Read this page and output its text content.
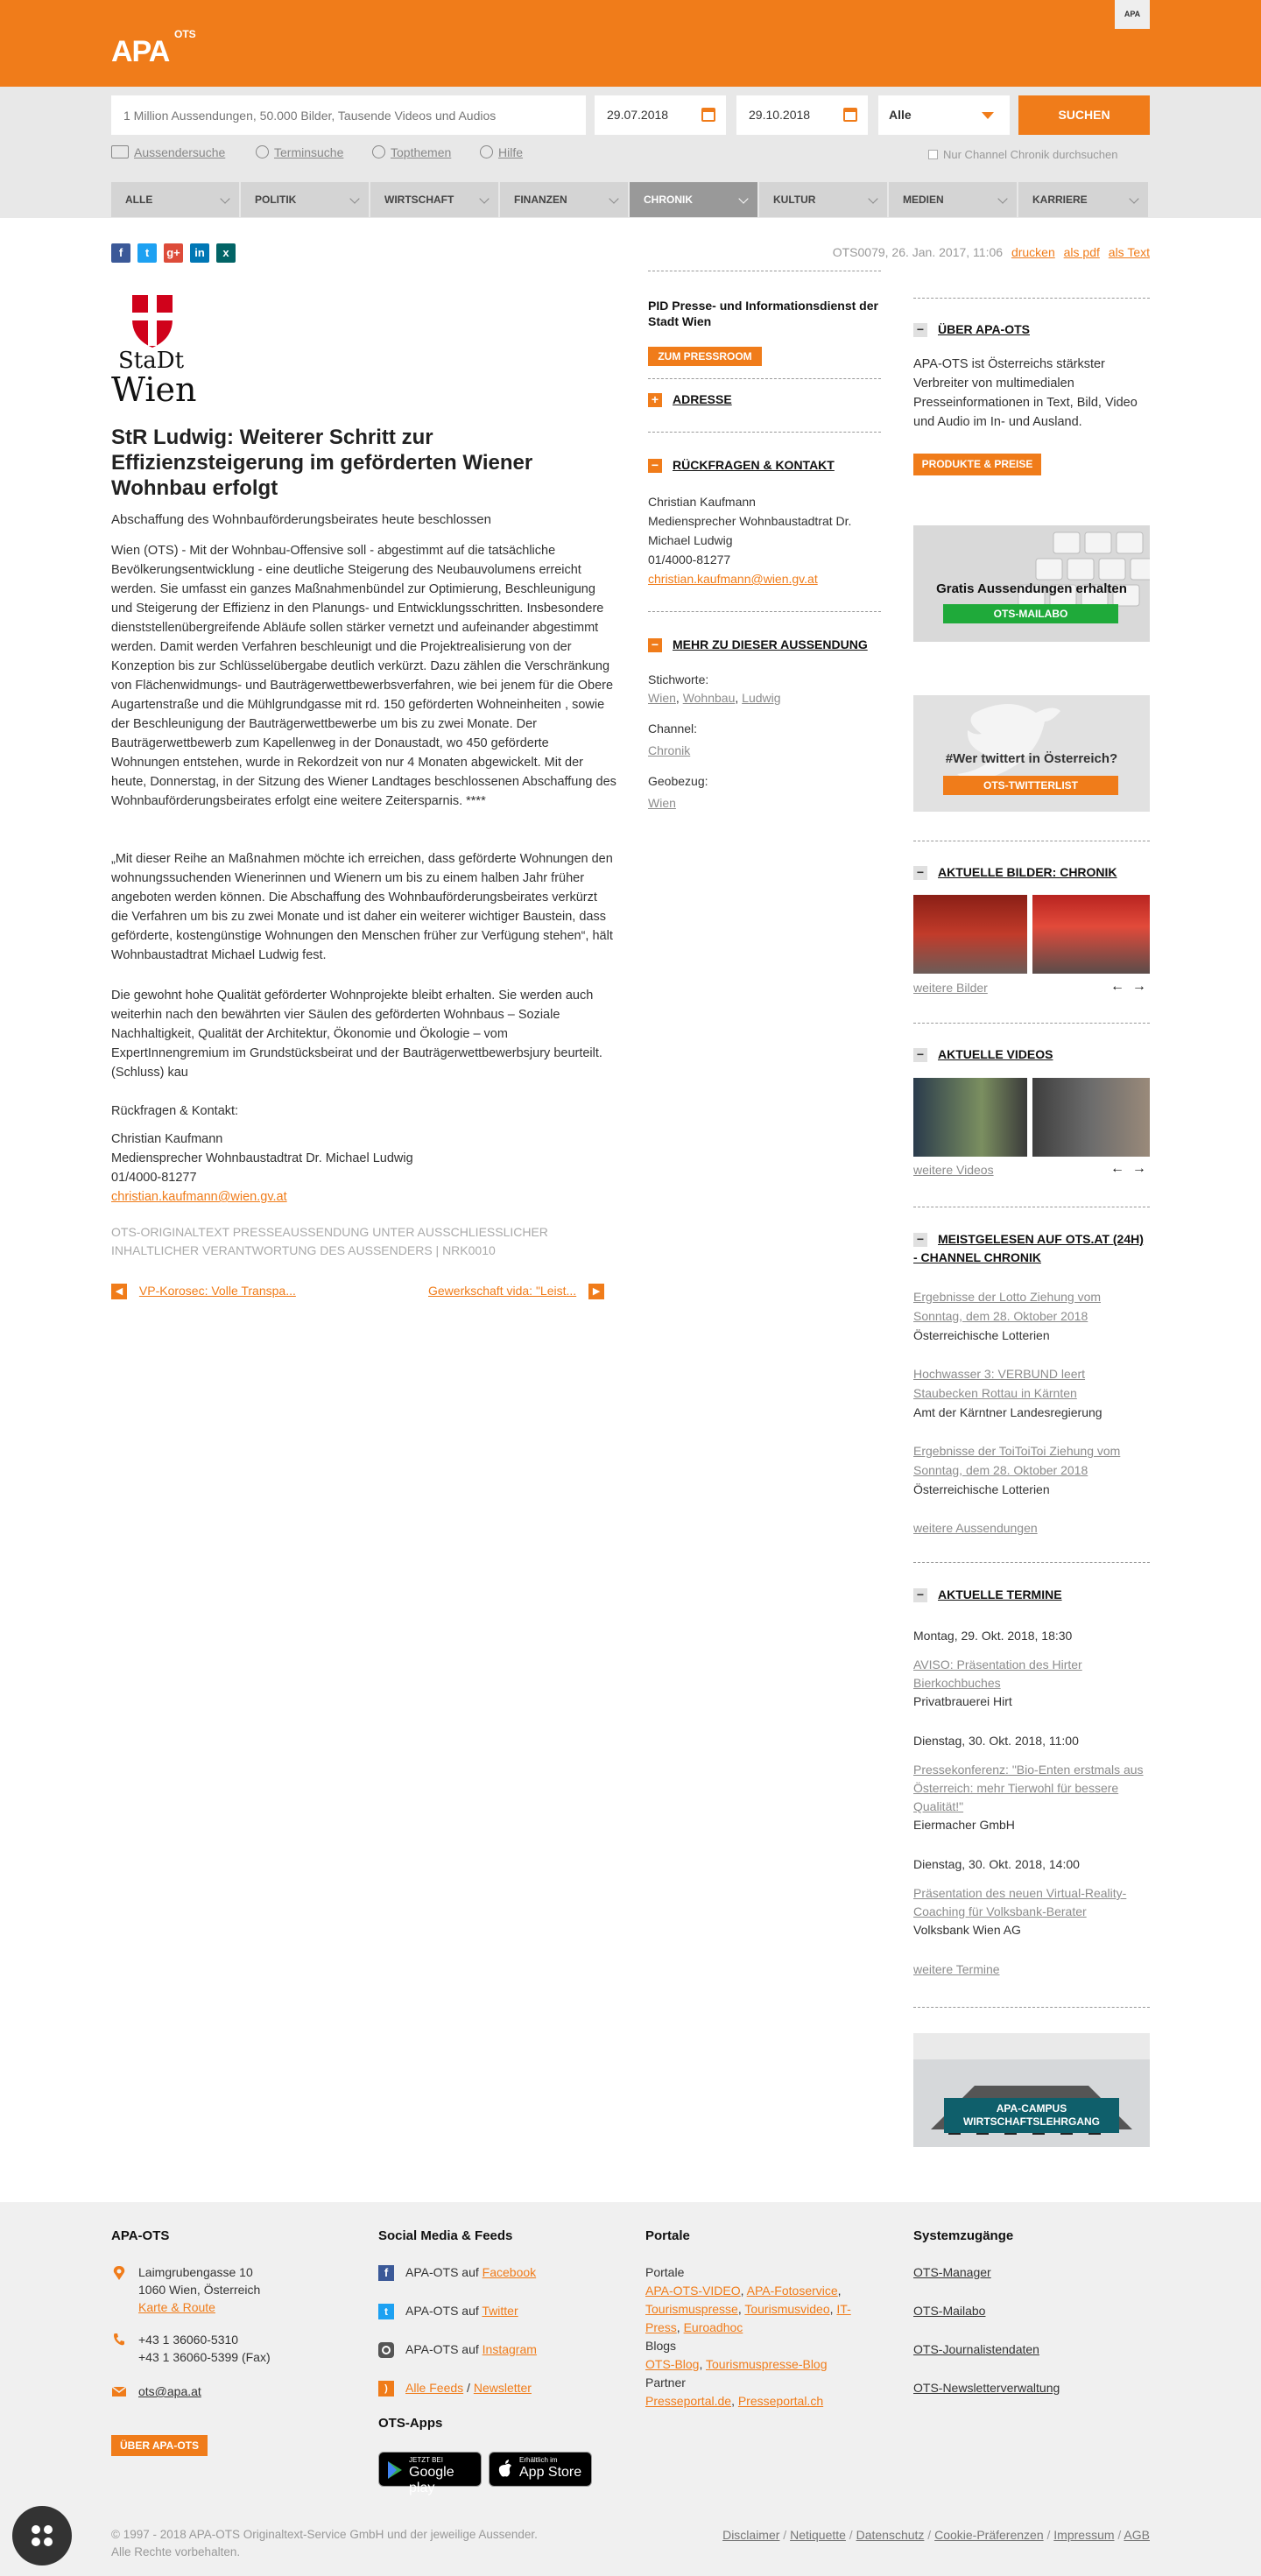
APA
OTS
APA
1 Million Aussendungen, 50.000 Bilder, Tausende Videos und Audios
29.07.2018	29.10.2018	Alle	SUCHEN
Aussendersuche	Terminsuche	Topthemen	Hilfe	Nur Channel Chronik durchsuchen
ALLE	POLITIK	WIRTSCHAFT	FINANZEN	CHRONIK	KULTUR	MEDIEN	KARRIERE
f	t	g+	in	x	OTS0079, 26. Jan. 2017, 11:06 drucken als pdf als Text
StaDt
Wien
StR Ludwig: Weiterer Schritt zur Effizienzsteigerung im geförderten Wiener Wohnbau erfolgt
Abschaffung des Wohnbauförderungsbeirates heute beschlossen
Wien (OTS) - Mit der Wohnbau-Offensive soll - abgestimmt auf die tatsächliche Bevölkerungsentwicklung - eine deutliche Steigerung des Neubauvolumens erreicht werden. Sie umfasst ein ganzes Maßnahmenbündel zur Optimierung, Beschleunigung und Steigerung der Effizienz in den Planungs- und Entwicklungsschritten. Insbesondere dienststellenübergreifende Abläufe sollen stärker vernetzt und aufeinander abgestimmt werden. Damit werden Verfahren beschleunigt und die Projektrealisierung von der Konzeption bis zur Schlüsselübergabe deutlich verkürzt. Dazu zählen die Verschränkung von Flächenwidmungs- und Bauträgerwettbewerbsverfahren, wie bei jenem für die Obere Augartenstraße und die Mühlgrundgasse mit rd. 150 geförderten Wohneinheiten , sowie der Beschleunigung der Bauträgerwettbewerbe um bis zu zwei Monate. Der Bauträgerwettbewerb zum Kapellenweg in der Donaustadt, wo 450 geförderte Wohnungen entstehen, wurde in Rekordzeit von nur 4 Monaten abgewickelt. Mit der heute, Donnerstag, in der Sitzung des Wiener Landtages beschlossenen Abschaffung des Wohnbauförderungsbeirates erfolgt eine weitere Zeitersparnis. ****
„Mit dieser Reihe an Maßnahmen möchte ich erreichen, dass geförderte Wohnungen den wohnungssuchenden Wienerinnen und Wienern um bis zu einem halben Jahr früher angeboten werden können. Die Abschaffung des Wohnbauförderungsbeirates verkürzt die Verfahren um bis zu zwei Monate und ist daher ein weiterer wichtiger Baustein, dass geförderte, kostengünstige Wohnungen den Menschen früher zur Verfügung stehen“, hält Wohnbaustadtrat Michael Ludwig fest.
Die gewohnt hohe Qualität geförderter Wohnprojekte bleibt erhalten. Sie werden auch weiterhin nach den bewährten vier Säulen des geförderten Wohnbaus – Soziale Nachhaltigkeit, Qualität der Architektur, Ökonomie und Ökologie – vom ExpertInnengremium im Grundstücksbeirat und der Bauträgerwettbewerbsjury beurteilt. (Schluss) kau
Rückfragen & Kontakt:
Christian Kaufmann
Mediensprecher Wohnbaustadtrat Dr. Michael Ludwig
01/4000-81277
christian.kaufmann@wien.gv.at
OTS-ORIGINALTEXT PRESSEAUSSENDUNG UNTER AUSSCHLIESSLICHER INHALTLICHER VERANTWORTUNG DES AUSSENDERS | NRK0010
◀ VP-Korosec: Volle Transpa...	Gewerkschaft vida: "Leist... ▶
PID Presse- und Informationsdienst der Stadt Wien
ZUM PRESSROOM
+ ADRESSE
− RÜCKFRAGEN & KONTAKT
Christian Kaufmann
Mediensprecher Wohnbaustadtrat Dr. Michael Ludwig
01/4000-81277
christian.kaufmann@wien.gv.at
− MEHR ZU DIESER AUSSENDUNG
Stichworte:
Wien, Wohnbau, Ludwig
Channel:
Chronik
Geobezug:
Wien
− ÜBER APA-OTS
APA-OTS ist Österreichs stärkster Verbreiter von multimedialen Presseinformationen in Text, Bild, Video und Audio im In- und Ausland.
PRODUKTE & PREISE
Gratis Aussendungen erhalten
OTS-MAILABO
#Wer twittert in Österreich?
OTS-TWITTERLIST
− AKTUELLE BILDER: CHRONIK
weitere Bilder	← →
− AKTUELLE VIDEOS
weitere Videos	← →
− MEISTGELESEN AUF OTS.AT (24H) - CHANNEL CHRONIK
Ergebnisse der Lotto Ziehung vom Sonntag, dem 28. Oktober 2018
Österreichische Lotterien
Hochwasser 3: VERBUND leert Staubecken Rottau in Kärnten
Amt der Kärntner Landesregierung
Ergebnisse der ToiToiToi Ziehung vom Sonntag, dem 28. Oktober 2018
Österreichische Lotterien
weitere Aussendungen
− AKTUELLE TERMINE
Montag, 29. Okt. 2018, 18:30
AVISO: Präsentation des Hirter Bierkochbuches
Privatbrauerei Hirt
Dienstag, 30. Okt. 2018, 11:00
Pressekonferenz: "Bio-Enten erstmals aus Österreich: mehr Tierwohl für bessere Qualität!"
Eiermacher GmbH
Dienstag, 30. Okt. 2018, 14:00
Präsentation des neuen Virtual-Reality-Coaching für Volksbank-Berater
Volksbank Wien AG
weitere Termine
APA-CAMPUS
WIRTSCHAFTSLEHRGANG
APA-OTS
Laimgrubengasse 10
1060 Wien, Österreich
Karte & Route
+43 1 36060-5310
+43 1 36060-5399 (Fax)
ots@apa.at
ÜBER APA-OTS
Social Media & Feeds
f	APA-OTS auf Facebook
t	APA-OTS auf Twitter
APA-OTS auf Instagram
)	Alle Feeds / Newsletter
OTS-Apps
JETZT BEI
Google play
Erhältlich im
App Store
Portale
Portale
APA-OTS-VIDEO, APA-Fotoservice, Tourismuspresse, Tourismusvideo, IT-Press, Euroadhoc
Blogs
OTS-Blog, Tourismuspresse-Blog
Partner
Presseportal.de, Presseportal.ch
Systemzugänge
OTS-Manager
OTS-Mailabo
OTS-Journalistendaten
OTS-Newsletterverwaltung
© 1997 - 2018 APA-OTS Originaltext-Service GmbH und der jeweilige Aussender.
Alle Rechte vorbehalten.
Disclaimer / Netiquette / Datenschutz / Cookie-Präferenzen / Impressum / AGB
